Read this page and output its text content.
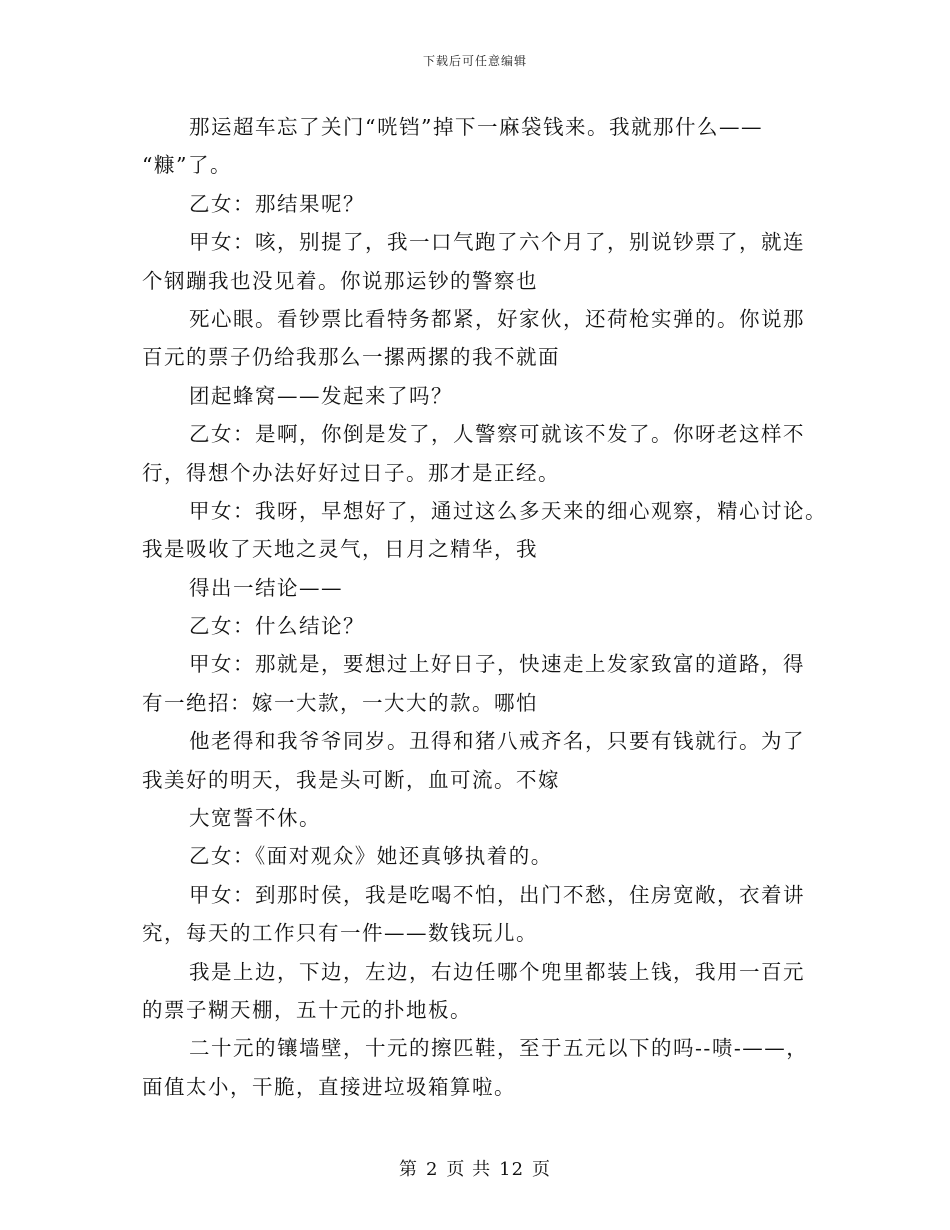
下载后可任意编辑
那运超车忘了关门“咣铛”掉下一麻袋钱来。我就那什么——
“糠”了。
乙女：那结果呢？
甲女：咳，别提了，我一口气跑了六个月了，别说钞票了，就连
个钢蹦我也没见着。你说那运钞的警察也
死心眼。看钞票比看特务都紧，好家伙，还荷枪实弹的。你说那
百元的票子仍给我那么一摞两摞的我不就面
团起蜂窝——发起来了吗？
乙女：是啊，你倒是发了，人警察可就该不发了。你呀老这样不
行，得想个办法好好过日子。那才是正经。
甲女：我呀，早想好了，通过这么多天来的细心观察，精心讨论。
我是吸收了天地之灵气，日月之精华，我
得出一结论——
乙女：什么结论？
甲女：那就是，要想过上好日子，快速走上发家致富的道路，得
有一绝招：嫁一大款，一大大的款。哪怕
他老得和我爷爷同岁。丑得和猪八戒齐名，只要有钱就行。为了
我美好的明天，我是头可断，血可流。不嫁
大宽誓不休。
乙女：《面对观众》她还真够执着的。
甲女：到那时侯，我是吃喝不怕，出门不愁，住房宽敞，衣着讲
究，每天的工作只有一件——数钱玩儿。
我是上边，下边，左边，右边任哪个兜里都装上钱，我用一百元
的票子糊天棚，五十元的扑地板。
二十元的镶墙壁，十元的擦匹鞋，至于五元以下的吗--啧-——，
面值太小，干脆，直接进垃圾箱算啦。
第 2 页 共 12 页
